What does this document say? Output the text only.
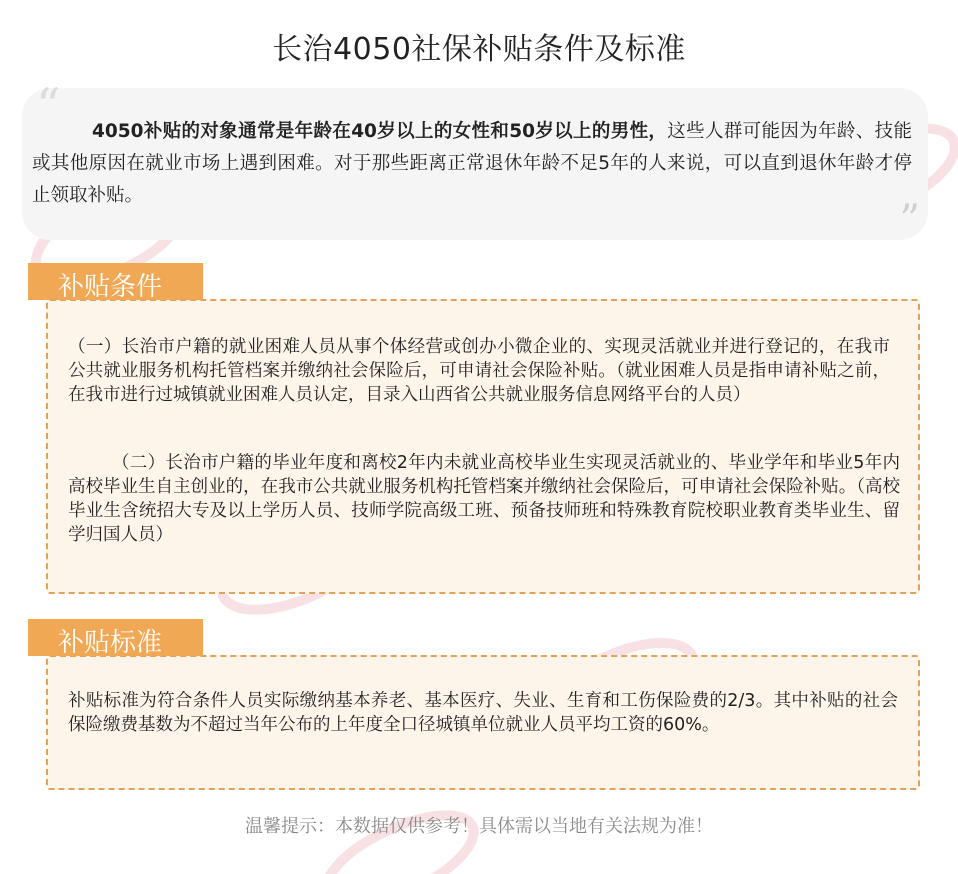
长治4050社保补贴条件及标准
“	4050补贴的对象通常是年龄在40岁以上的女性和50岁以上的男性，这些人群可能因为年龄、技能或其他原因在就业市场上遇到困难。对于那些距离正常退休年龄不足5年的人来说，可以直到退休年龄才停止领取补贴。

”
补贴条件

（一）长治市户籍的就业困难人员从事个体经营或创办小微企业的、实现灵活就业并进行登记的，在我市公共就业服务机构托管档案并缴纳社会保险后，可申请社会保险补贴。（就业困难人员是指申请补贴之前，在我市进行过城镇就业困难人员认定，目录入山西省公共就业服务信息网络平台的人员）

（二）长治市户籍的毕业年度和离校2年内未就业高校毕业生实现灵活就业的、毕业学年和毕业5年内高校毕业生自主创业的，在我市公共就业服务机构托管档案并缴纳社会保险后，可申请社会保险补贴。（高校毕业生含统招大专及以上学历人员、技师学院高级工班、预备技师班和特殊教育院校职业教育类毕业生、留学归国人员）

补贴标准

补贴标准为符合条件人员实际缴纳基本养老、基本医疗、失业、生育和工伤保险费的2/3。其中补贴的社会保险缴费基数为不超过当年公布的上年度全口径城镇单位就业人员平均工资的60%。

温馨提示：本数据仅供参考！具体需以当地有关法规为准！
